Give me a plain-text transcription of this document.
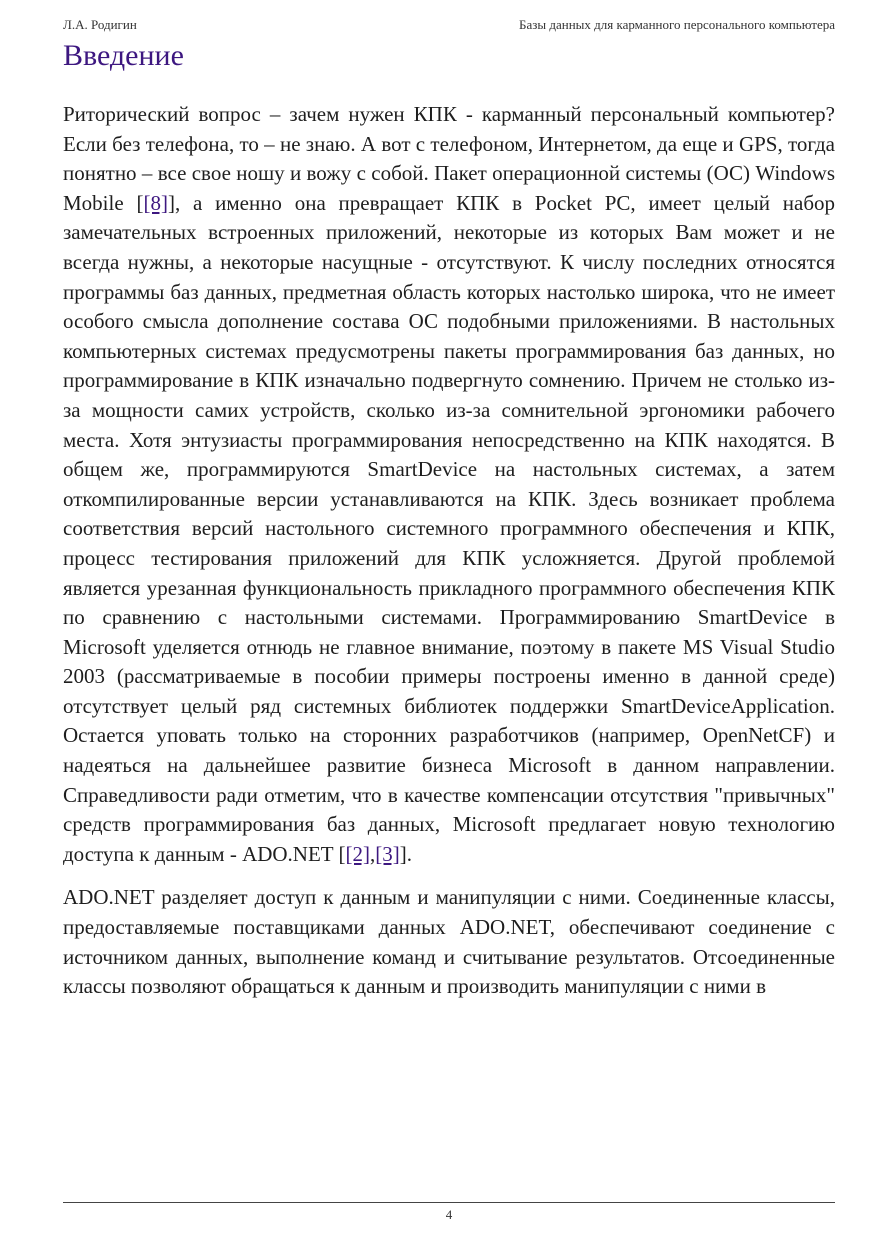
Л.А. Родигин	Базы данных для карманного персонального компьютера
Введение

Риторический вопрос – зачем нужен КПК - карманный персональный компьютер? Если без телефона, то – не знаю. А вот с телефоном, Интернетом, да еще и GPS, тогда понятно – все свое ношу и вожу с собой. Пакет операционной системы (ОС) Windows Mobile [[8]], а именно она превращает КПК в Pocket PC, имеет целый набор замечательных встроенных приложений, некоторые из которых Вам может и не всегда нужны, а некоторые насущные - отсутствуют. К числу последних относятся программы баз данных, предметная область которых настолько широка, что не имеет особого смысла дополнение состава ОС подобными приложениями. В настольных компьютерных системах предусмотрены пакеты программирования баз данных, но программирование в КПК изначально подвергнуто сомнению. Причем не столько из-за мощности самих устройств, сколько из-за сомнительной эргономики рабочего места. Хотя энтузиасты программирования непосредственно на КПК находятся. В общем же, программируются SmartDevice на настольных системах, а затем откомпилированные версии устанавливаются на КПК. Здесь возникает проблема соответствия версий настольного системного программного обеспечения и КПК, процесс тестирования приложений для КПК усложняется. Другой проблемой является урезанная функциональность прикладного программного обеспечения КПК по сравнению с настольными системами. Программированию SmartDevice в Microsoft уделяется отнюдь не главное внимание, поэтому в пакете MS Visual Studio 2003 (рассматриваемые в пособии примеры построены именно в данной среде) отсутствует целый ряд системных библиотек поддержки SmartDeviceApplication. Остается уповать только на сторонних разработчиков (например, OpenNetCF) и надеяться на дальнейшее развитие бизнеса Microsoft в данном направлении. Справедливости ради отметим, что в качестве компенсации отсутствия "привычных" средств программирования баз данных, Microsoft предлагает новую технологию доступа к данным - ADO.NET [[2],[3]].

ADO.NET разделяет доступ к данным и манипуляции с ними. Соединенные классы, предоставляемые поставщиками данных ADO.NET, обеспечивают соединение с источником данных, выполнение команд и считывание результатов. Отсоединенные классы позволяют обращаться к данным и производить манипуляции с ними в

4
